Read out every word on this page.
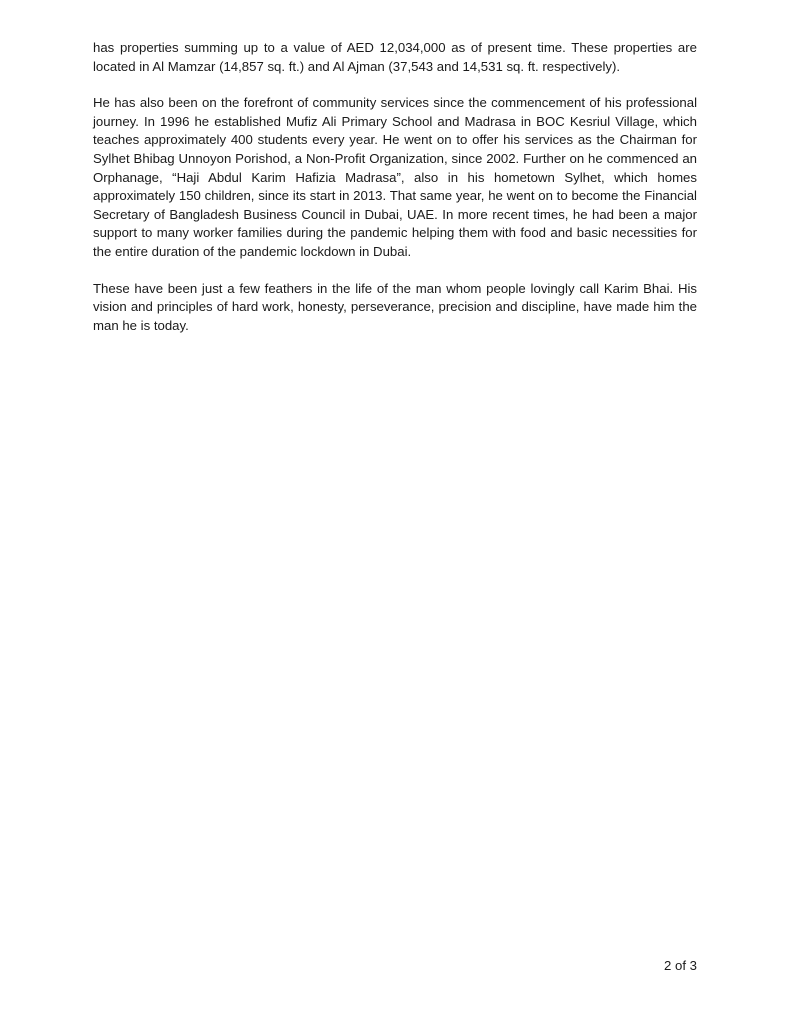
has properties summing up to a value of AED 12,034,000 as of present time. These properties are located in Al Mamzar (14,857 sq. ft.) and Al Ajman (37,543 and 14,531 sq. ft. respectively).

He has also been on the forefront of community services since the commencement of his professional journey. In 1996 he established Mufiz Ali Primary School and Madrasa in BOC Kesriul Village, which teaches approximately 400 students every year. He went on to offer his services as the Chairman for Sylhet Bhibag Unnoyon Porishod, a Non-Profit Organization, since 2002. Further on he commenced an Orphanage, “Haji Abdul Karim Hafizia Madrasa”, also in his hometown Sylhet, which homes approximately 150 children, since its start in 2013. That same year, he went on to become the Financial Secretary of Bangladesh Business Council in Dubai, UAE. In more recent times, he had been a major support to many worker families during the pandemic helping them with food and basic necessities for the entire duration of the pandemic lockdown in Dubai.

These have been just a few feathers in the life of the man whom people lovingly call Karim Bhai. His vision and principles of hard work, honesty, perseverance, precision and discipline, have made him the man he is today.

2 of 3
